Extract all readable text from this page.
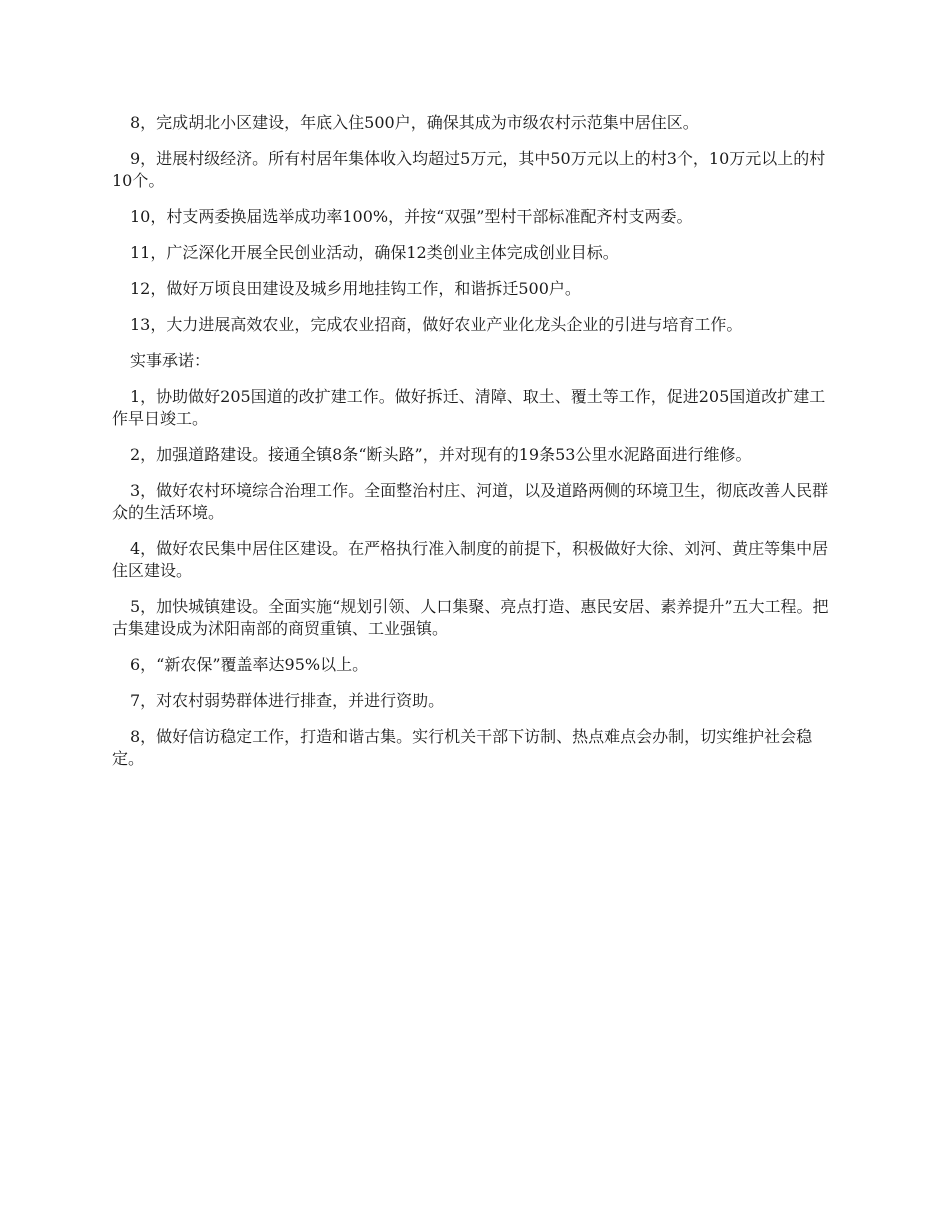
8，完成胡北小区建设，年底入住500户，确保其成为市级农村示范集中居住区。

9，进展村级经济。所有村居年集体收入均超过5万元，其中50万元以上的村3个，10万元以上的村10个。

10，村支两委换届选举成功率100%，并按“双强”型村干部标准配齐村支两委。

11，广泛深化开展全民创业活动，确保12类创业主体完成创业目标。

12，做好万顷良田建设及城乡用地挂钩工作，和谐拆迁500户。

13，大力进展高效农业，完成农业招商，做好农业产业化龙头企业的引进与培育工作。

实事承诺：

1，协助做好205国道的改扩建工作。做好拆迁、清障、取土、覆土等工作，促进205国道改扩建工作早日竣工。

2，加强道路建设。接通全镇8条“断头路”，并对现有的19条53公里水泥路面进行维修。

3，做好农村环境综合治理工作。全面整治村庄、河道，以及道路两侧的环境卫生，彻底改善人民群众的生活环境。

4，做好农民集中居住区建设。在严格执行准入制度的前提下，积极做好大徐、刘河、黄庄等集中居住区建设。

5，加快城镇建设。全面实施“规划引领、人口集聚、亮点打造、惠民安居、素养提升”五大工程。把古集建设成为沭阳南部的商贸重镇、工业强镇。

6，“新农保”覆盖率达95%以上。

7，对农村弱势群体进行排查，并进行资助。

8，做好信访稳定工作，打造和谐古集。实行机关干部下访制、热点难点会办制，切实维护社会稳定。
